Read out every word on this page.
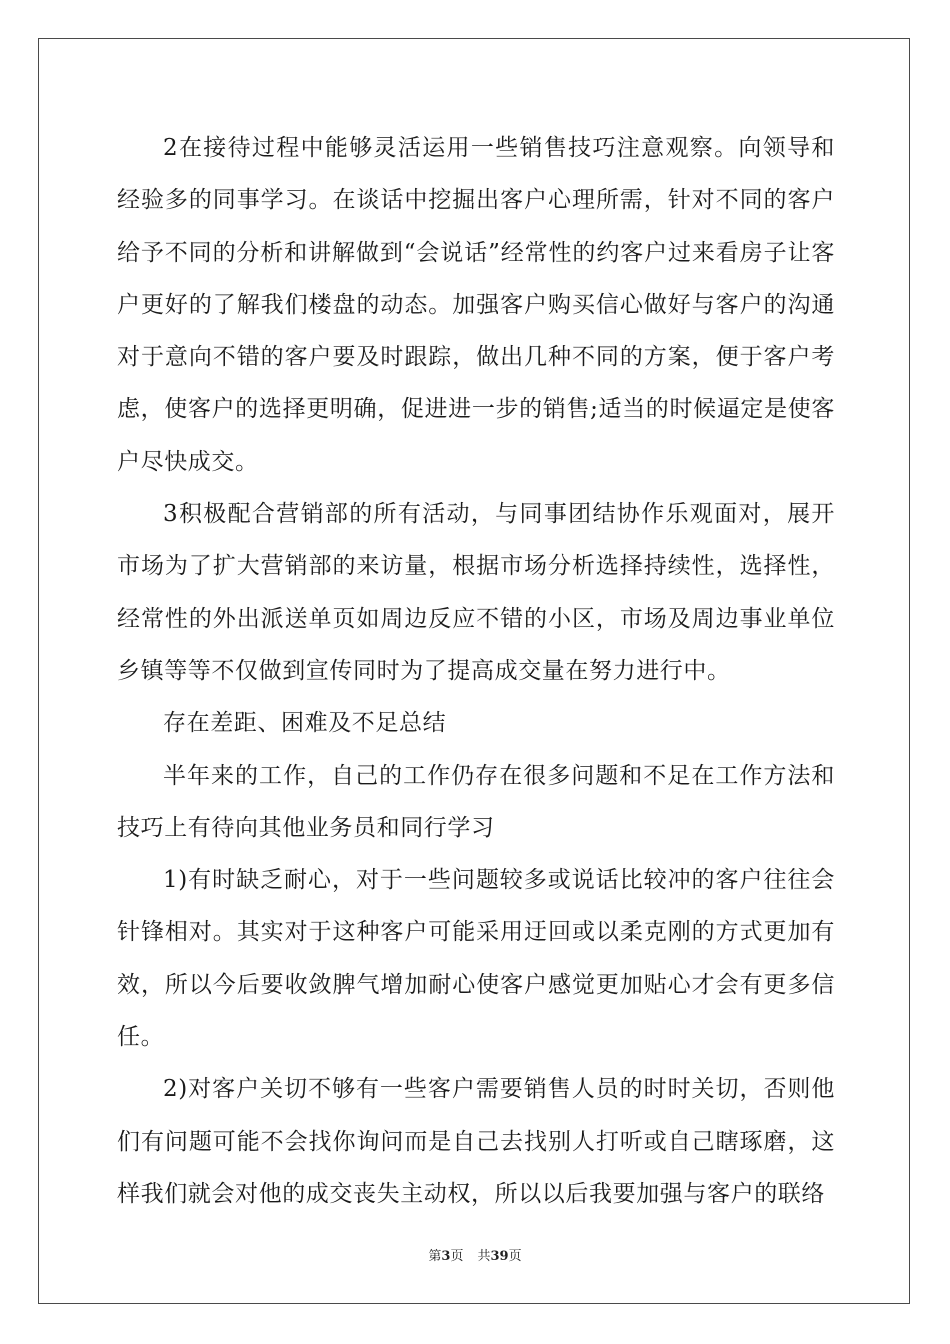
2在接待过程中能够灵活运用一些销售技巧注意观察。向领导和经验多的同事学习。在谈话中挖掘出客户心理所需，针对不同的客户给予不同的分析和讲解做到“会说话”经常性的约客户过来看房子让客户更好的了解我们楼盘的动态。加强客户购买信心做好与客户的沟通对于意向不错的客户要及时跟踪，做出几种不同的方案，便于客户考虑，使客户的选择更明确，促进进一步的销售;适当的时候逼定是使客户尽快成交。

3积极配合营销部的所有活动，与同事团结协作乐观面对，展开市场为了扩大营销部的来访量，根据市场分析选择持续性，选择性，经常性的外出派送单页如周边反应不错的小区，市场及周边事业单位乡镇等等不仅做到宣传同时为了提高成交量在努力进行中。

存在差距、困难及不足总结

半年来的工作，自己的工作仍存在很多问题和不足在工作方法和技巧上有待向其他业务员和同行学习

1)有时缺乏耐心，对于一些问题较多或说话比较冲的客户往往会针锋相对。其实对于这种客户可能采用迂回或以柔克刚的方式更加有效，所以今后要收敛脾气增加耐心使客户感觉更加贴心才会有更多信任。

2)对客户关切不够有一些客户需要销售人员的时时关切，否则他们有问题可能不会找你询问而是自己去找别人打听或自己瞎琢磨，这样我们就会对他的成交丧失主动权，所以以后我要加强与客户的联络

第3页 共39页
